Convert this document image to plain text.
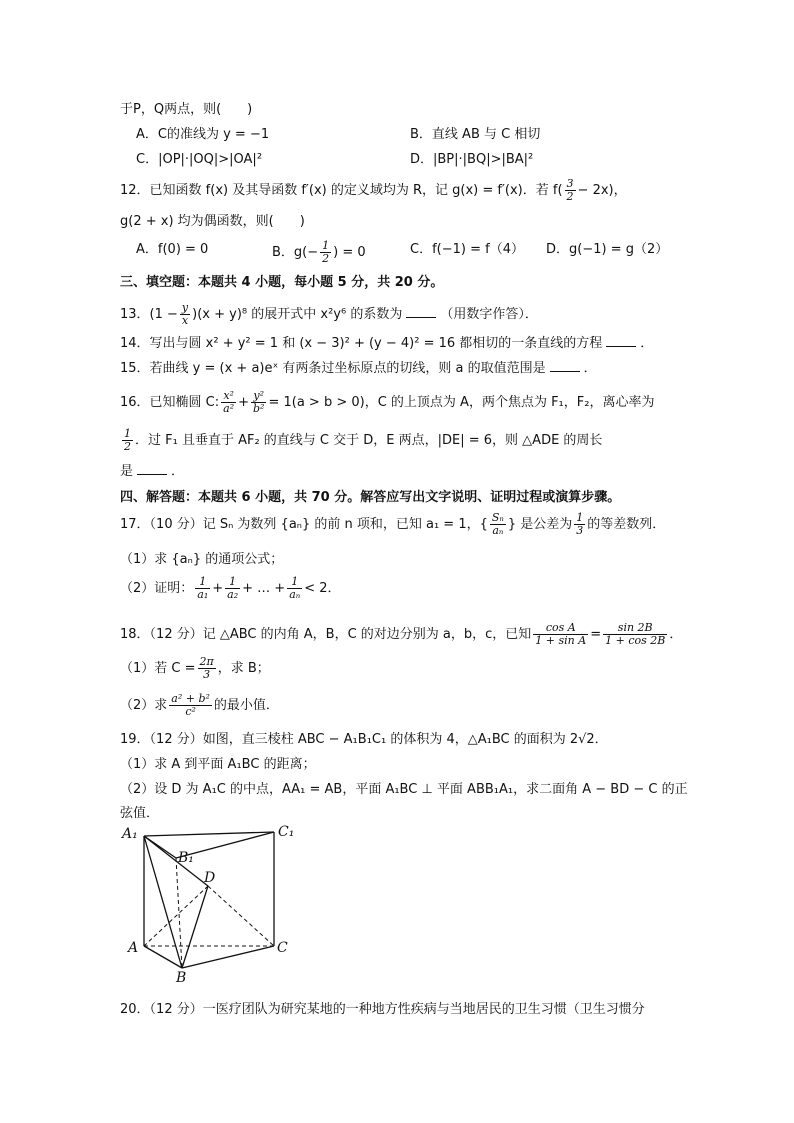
于P，Q两点，则(　　)
A．C的准线为 y = −1	B．直线 AB 与 C 相切
C．|OP|·|OQ|>|OA|²	D．|BP|·|BQ|>|BA|²
12．已知函数 f(x) 及其导函数 f′(x) 的定义域均为 R，记 g(x) = f′(x)．若 $f( \frac{3}{2} - 2x)$，
g(2 + x) 均为偶函数，则(　　)
A．f(0) = 0	B．$g(- \frac{1}{2}$ ) = 0	C．f(−1) = f（4） D．g(−1) = g（2）
三、填空题：本题共 4 小题，每小题 5 分，共 20 分。
13．$(1 - \frac{y}{x} )(x + y)^8$ 的展开式中 x²y⁶ 的系数为	（用数字作答）．
14．写出与圆 x² + y² = 1 和 (x − 3)² + (y − 4)² = 16 都相切的一条直线的方程	．
15．若曲线 y = (x + a)eˣ 有两条过坐标原点的切线，则 a 的取值范围是	．
16．已知椭圆 C: $\frac{\text{x²}}{\text{a²}} + \frac{\text{y²}}{\text{b²}} = 1(a > b > 0)$，C 的上顶点为 A，两个焦点为 F₁，F₂，离心率为
$\frac{1}{2}$ ．过 F₁ 且垂直于 AF₂ 的直线与 C 交于 D，E 两点，|DE| = 6，则 △ADE 的周长
是	．
四、解答题：本题共 6 小题，共 70 分。解答应写出文字说明、证明过程或演算步骤。
17．（10 分）记 Sₙ 为数列 {aₙ} 的前 n 项和，已知 a₁ = 1，{ $\frac{\text{Sₙ}}{\text{aₙ}}$ } 是公差为 $\frac{1}{3}$ 的等差数列．
（1）求 {aₙ} 的通项公式；
（2）证明： $\frac{1}{\text{a₁}} + \frac{1}{\text{a₂}}$ + … + $\frac{1}{\text{aₙ}} < 2$．
18．（12 分）记 △ABC 的内角 A，B，C 的对边分别为 a，b，c，已知 $\frac{\text{cos A}}{\text{1 + sin A}} = \frac{\sin 2B}{1 + \cos 2B}$ ．
（1）若 $C = \frac{2\pi}{3}$ ，求 B；
（2）求 $\frac{\text{a² + b²}}{\text{c²}}$ 的最小值．
19．（12 分）如图，直三棱柱 ABC − A₁B₁C₁ 的体积为 4，△A₁BC 的面积为 2√2．
（1）求 A 到平面 A₁BC 的距离；
（2）设 D 为 A₁C 的中点，AA₁ = AB，平面 A₁BC ⊥ 平面 ABB₁A₁，求二面角 A − BD − C 的正
弦值．
A₁
B₁
C₁
D
A
B
C
20．（12 分）一医疗团队为研究某地的一种地方性疾病与当地居民的卫生习惯（卫生习惯分
